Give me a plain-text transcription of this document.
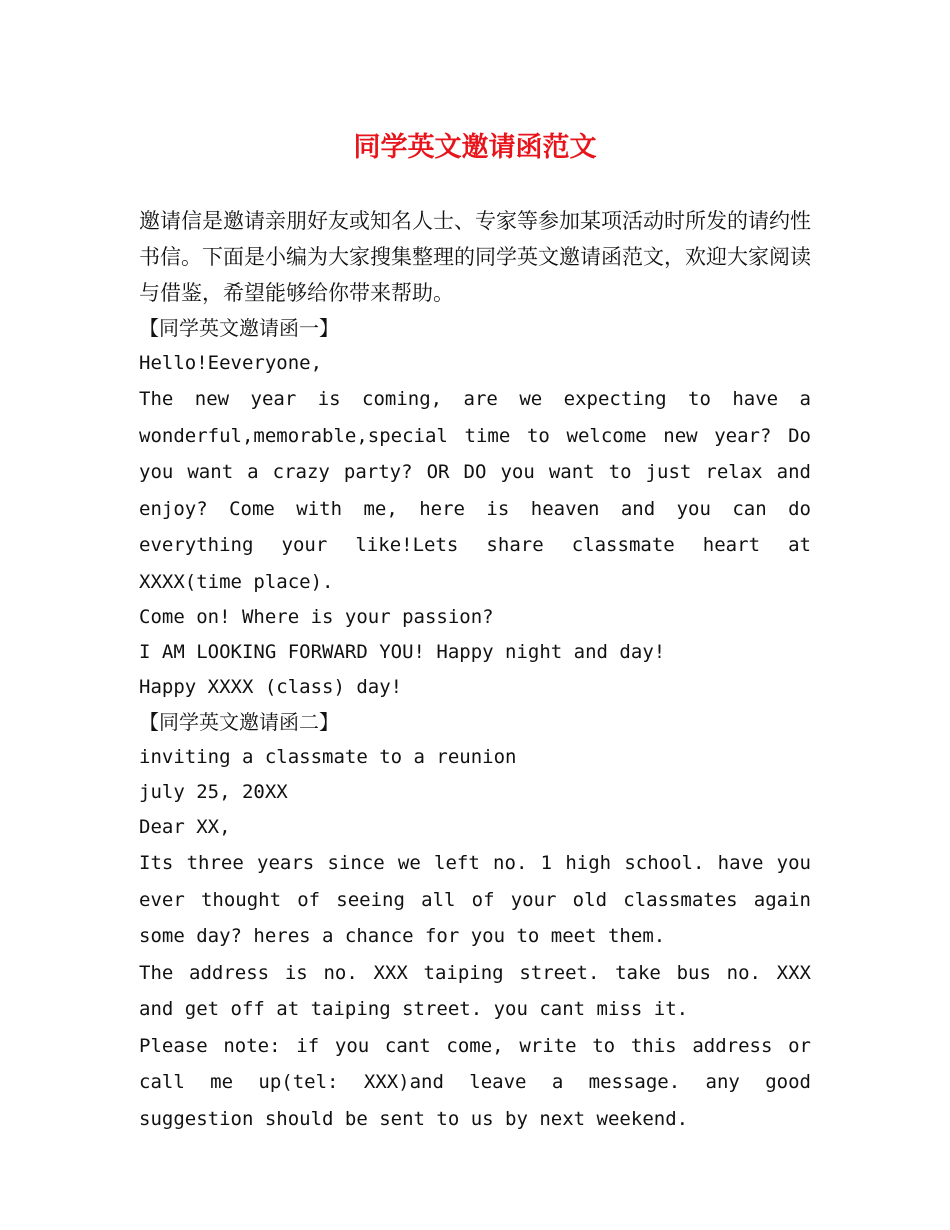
同学英文邀请函范文

邀请信是邀请亲朋好友或知名人士、专家等参加某项活动时所发的请约性书信。下面是小编为大家搜集整理的同学英文邀请函范文，欢迎大家阅读与借鉴，希望能够给你带来帮助。

【同学英文邀请函一】

Hello!Eeveryone,

The new year is coming, are we expecting to have a wonderful,memorable,special time to welcome new year? Do you want a crazy party? OR DO you want to just relax and enjoy? Come with me, here is heaven and you can do everything your like!Lets share classmate heart at XXXX(time place).

Come on! Where is your passion?

I AM LOOKING FORWARD YOU! Happy night and day!

Happy XXXX (class) day!

【同学英文邀请函二】

inviting a classmate to a reunion

july 25, 20XX

Dear XX,

Its three years since we left no. 1 high school. have you ever thought of seeing all of your old classmates again some day? heres a chance for you to meet them.

The address is no. XXX taiping street. take bus no. XXX and get off at taiping street. you cant miss it.

Please note: if you cant come, write to this address or call me up(tel: XXX)and leave a message. any good suggestion should be sent to us by next weekend.
